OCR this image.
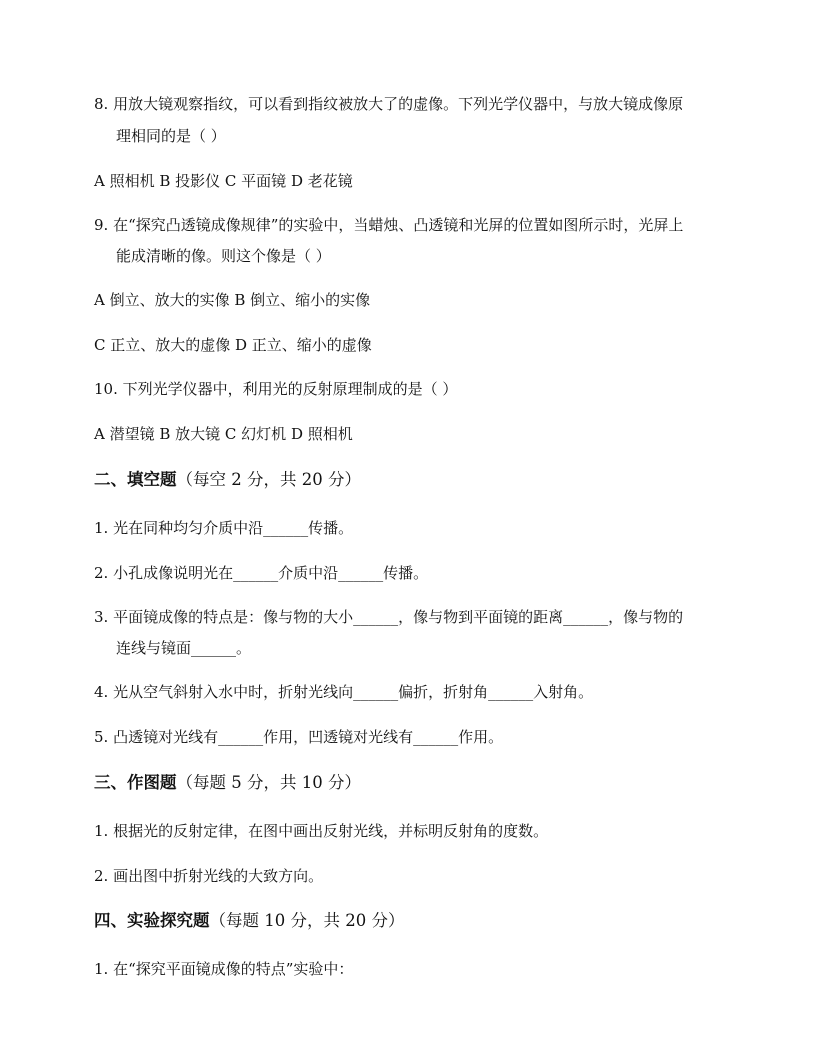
8. 用放大镜观察指纹，可以看到指纹被放大了的虚像。下列光学仪器中，与放大镜成像原
理相同的是（ ）
A 照相机 B 投影仪 C 平面镜 D 老花镜
9. 在“探究凸透镜成像规律”的实验中，当蜡烛、凸透镜和光屏的位置如图所示时，光屏上
能成清晰的像。则这个像是（ ）
A 倒立、放大的实像 B 倒立、缩小的实像
C 正立、放大的虚像 D 正立、缩小的虚像
10. 下列光学仪器中，利用光的反射原理制成的是（ ）
A 潜望镜 B 放大镜 C 幻灯机 D 照相机
二、填空题（每空 2 分，共 20 分）
1. 光在同种均匀介质中沿______传播。
2. 小孔成像说明光在______介质中沿______传播。
3. 平面镜成像的特点是：像与物的大小______，像与物到平面镜的距离______，像与物的
连线与镜面______。
4. 光从空气斜射入水中时，折射光线向______偏折，折射角______入射角。
5. 凸透镜对光线有______作用，凹透镜对光线有______作用。
三、作图题（每题 5 分，共 10 分）
1. 根据光的反射定律，在图中画出反射光线，并标明反射角的度数。
2. 画出图中折射光线的大致方向。
四、实验探究题（每题 10 分，共 20 分）
1. 在“探究平面镜成像的特点”实验中：
